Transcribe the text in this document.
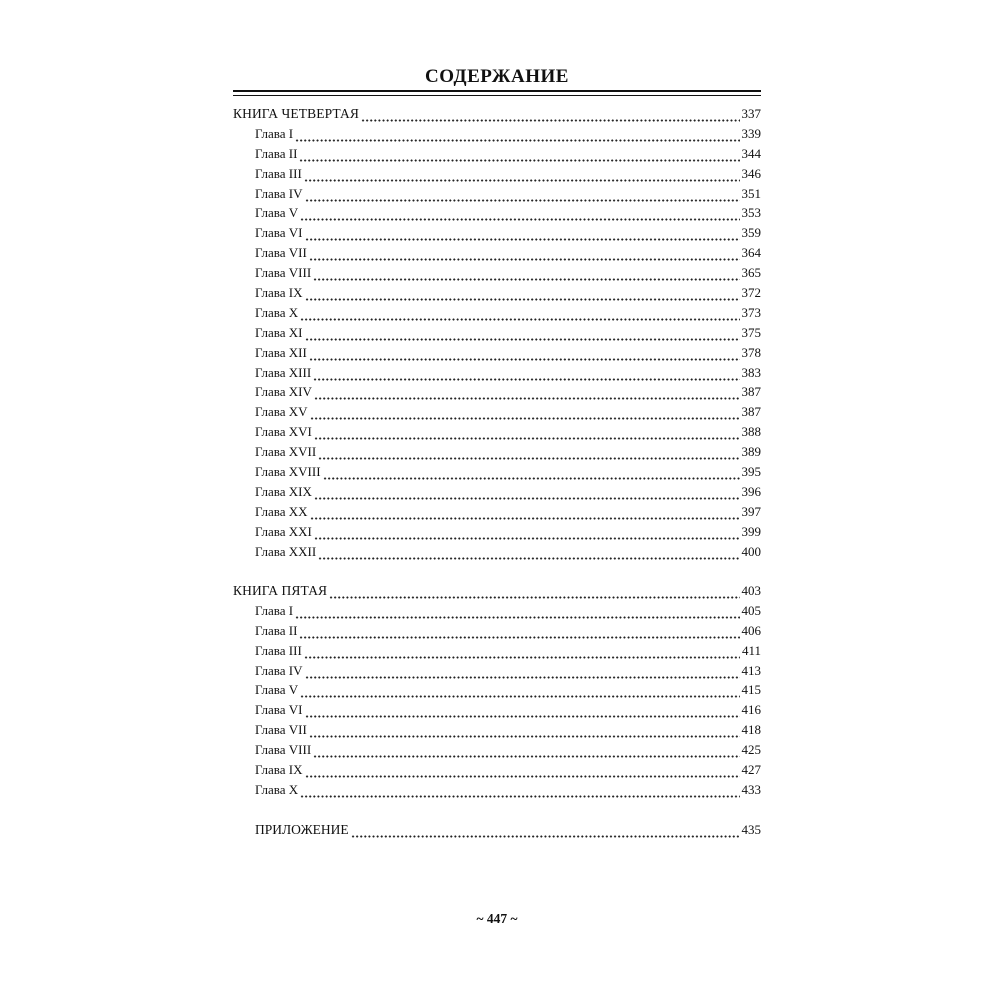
СОДЕРЖАНИЕ
КНИГА ЧЕТВЕРТАЯ	337
Глава I	339
Глава II	344
Глава III	346
Глава IV	351
Глава V	353
Глава VI	359
Глава VII	364
Глава VIII	365
Глава IX	372
Глава X	373
Глава XI	375
Глава XII	378
Глава XIII	383
Глава XIV	387
Глава XV	387
Глава XVI	388
Глава XVII	389
Глава XVIII	395
Глава XIX	396
Глава XX	397
Глава XXI	399
Глава XXII	400
КНИГА ПЯТАЯ	403
Глава I	405
Глава II	406
Глава III	411
Глава IV	413
Глава V	415
Глава VI	416
Глава VII	418
Глава VIII	425
Глава IX	427
Глава X	433
ПРИЛОЖЕНИЕ	435
~ 447 ~
